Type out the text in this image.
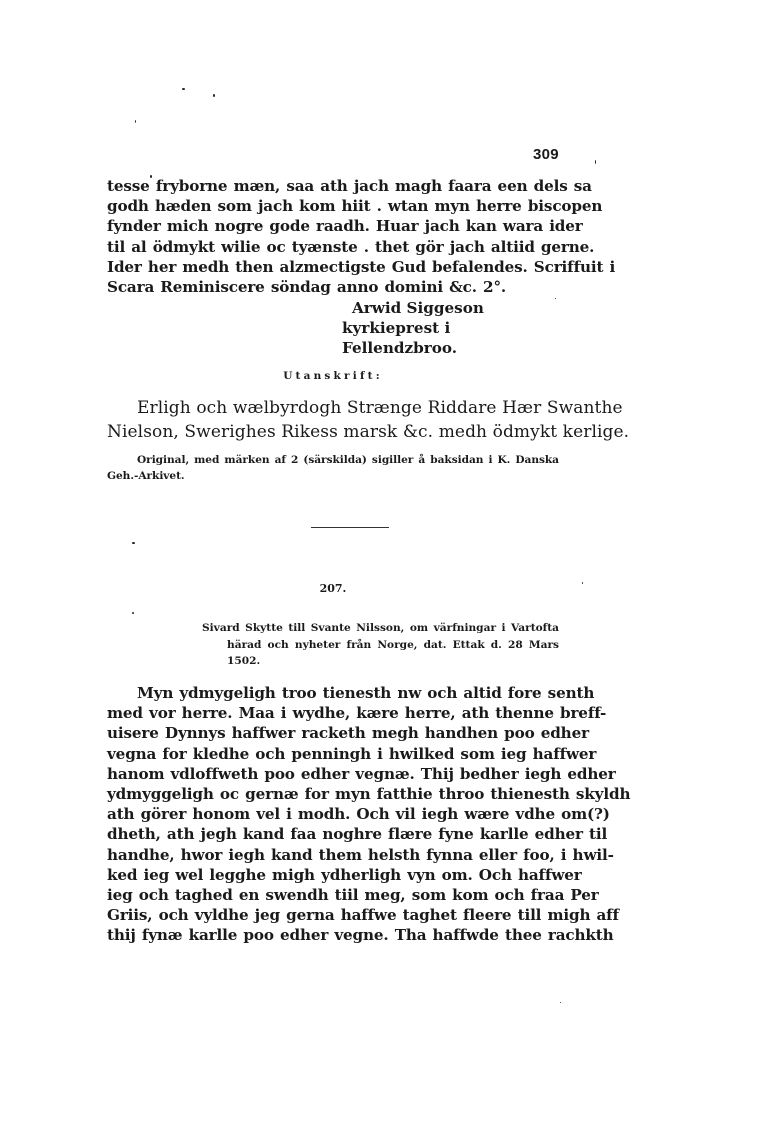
309
tesse fryborne mæn, saa ath jach magh faara een dels sa
godh hæden som jach kom hiit . wtan myn herre biscopen
fynder mich nogre gode raadh. Huar jach kan wara ider
til al ödmykt wilie oc tyænste . thet gör jach altiid gerne.
Ider her medh then alzmectigste Gud befalendes. Scriffuit i
Scara Reminiscere söndag anno domini &c. 2°.
Arwid Siggeson
kyrkieprest i Fellendzbroo.
Utanskrift:
Erligh och wælbyrdogh Strænge Riddare Hær Swanthe
Nielson, Swerighes Rikess marsk &c. medh ödmykt kerlige.
Original, med märken af 2 (särskilda) sigiller å baksidan i K. Danska
Geh.-Arkivet.
207.
Sivard Skytte till Svante Nilsson, om värfningar i Vartofta
härad och nyheter från Norge, dat. Ettak d. 28 Mars
1502.
Myn ydmygeligh troo tienesth nw och altid fore senth
med vor herre. Maa i wydhe, kære herre, ath thenne breff-
uisere Dynnys haffwer racketh megh handhen poo edher
vegna for kledhe och penningh i hwilked som ieg haffwer
hanom vdloffweth poo edher vegnæ. Thij bedher iegh edher
ydmyggeligh oc gernæ for myn fatthie throo thienesth skyldh
ath görer honom vel i modh. Och vil iegh wære vdhe om(?)
dheth, ath jegh kand faa noghre flære fyne karlle edher til
handhe, hwor iegh kand them helsth fynna eller foo, i hwil-
ked ieg wel legghe migh ydherligh vyn om. Och haffwer
ieg och taghed en swendh tiil meg, som kom och fraa Per
Griis, och vyldhe jeg gerna haffwe taghet fleere till migh aff
thij fynæ karlle poo edher vegne. Tha haffwde thee rachkth
